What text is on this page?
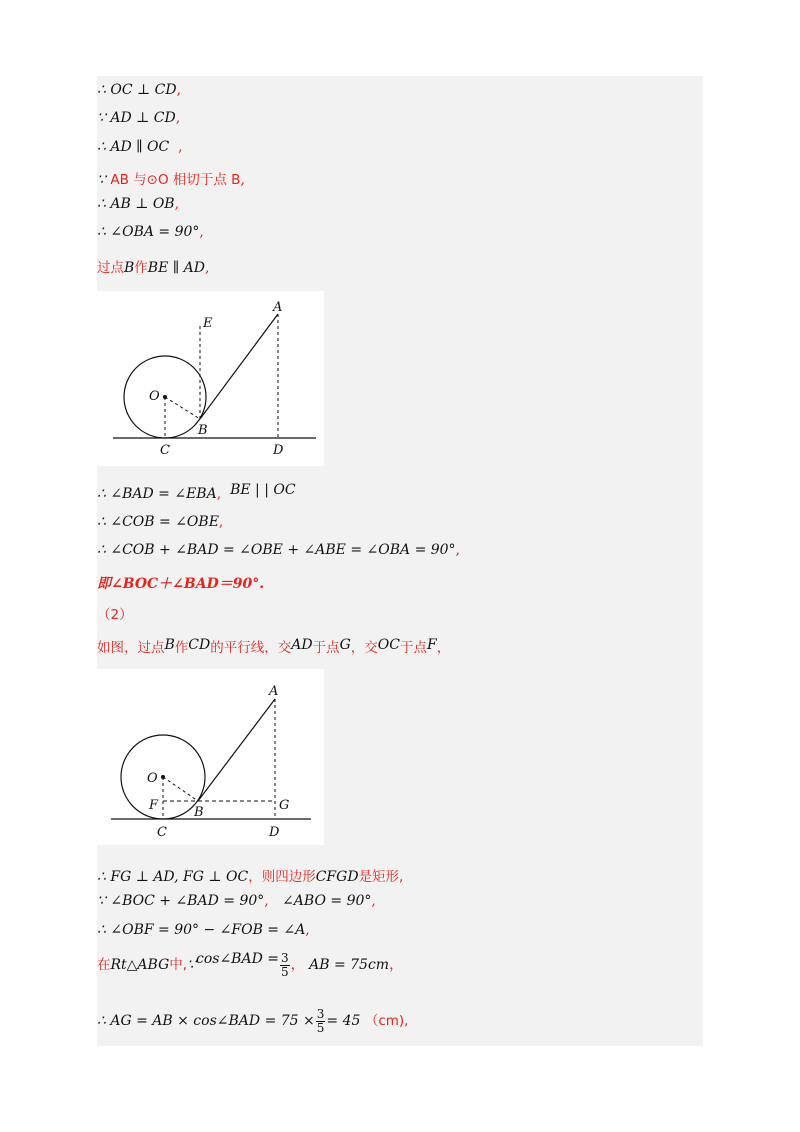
∴ OC ⊥ CD,
∵ AD ⊥ CD,
∴ AD ∥ OC ,
∵ AB 与⊙O 相切于点 B,
∴ AB ⊥ OB,
∴ ∠OBA = 90°,
过点B作BE ∥ AD,
E
A
O
B
C	D
∴ ∠BAD = ∠EBA, BE | | OC
∴ ∠COB = ∠OBE,
∴ ∠COB + ∠BAD = ∠OBE + ∠ABE = ∠OBA = 90°,
即∠BOC＋∠BAD＝90°.
（2）
如图，过点B作CD的平行线，交AD于点G，交OC于点F，
A
O
F	B	G
C	D
∴ FG ⊥ AD, FG ⊥ OC，则四边形CFGD是矩形,
∵ ∠BOC + ∠BAD = 90°, ∠ABO = 90°,
∴ ∠OBF = 90° − ∠FOB = ∠A,
在Rt△ABG中,∵cos∠BAD = $\frac{3}{5}$ ， AB = 75cm，
∴ AG = AB × cos∠BAD = $75 \times \frac{3}{5} = 45$ （cm),
